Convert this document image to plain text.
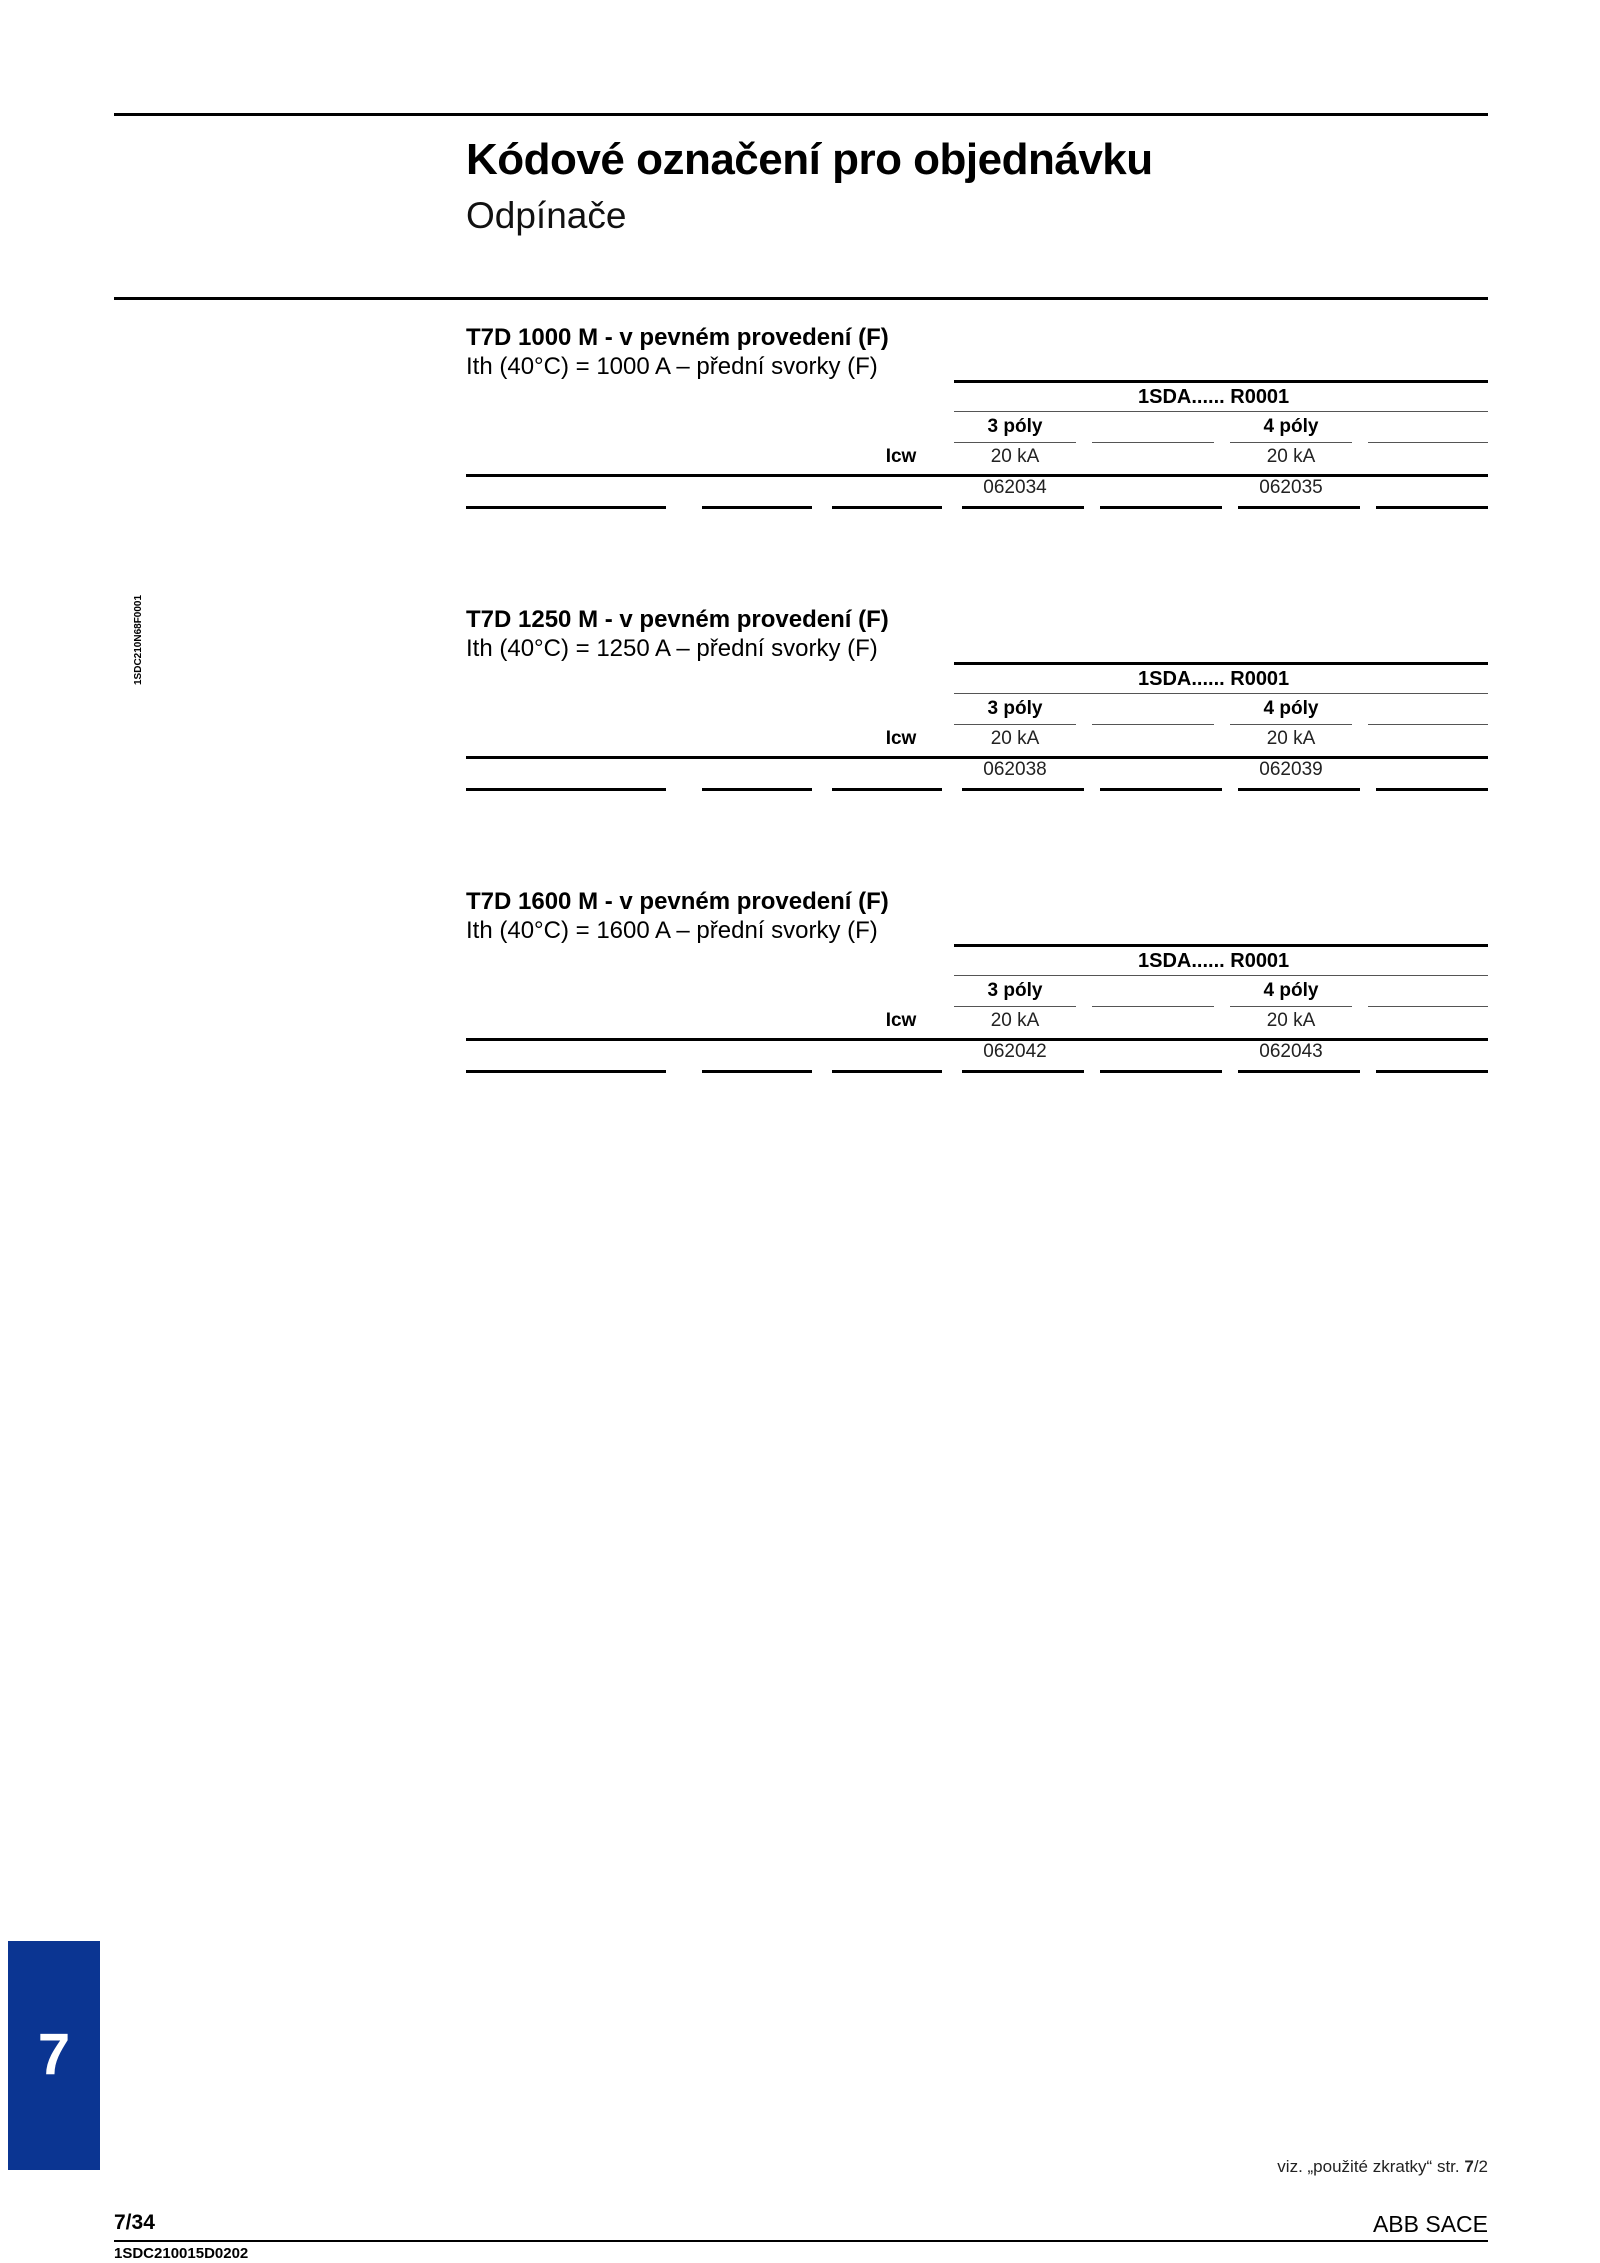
Kódové označení pro objednávku
Odpínače
1SDC210N68F0001
T7D 1000 M - v pevném provedení (F)
Ith (40°C) = 1000 A – přední svorky (F)
1SDA...... R0001
3 póly	4 póly
Icw	20 kA	20 kA
062034	062035
T7D 1250 M - v pevném provedení (F)
Ith (40°C) = 1250 A – přední svorky (F)
1SDA...... R0001
3 póly	4 póly
Icw	20 kA	20 kA
062038	062039
T7D 1600 M - v pevném provedení (F)
Ith (40°C) = 1600 A – přední svorky (F)
1SDA...... R0001
3 póly	4 póly
Icw	20 kA	20 kA
062042	062043
7
viz. „použité zkratky“ str. 7/2
7/34	ABB SACE
1SDC210015D0202
